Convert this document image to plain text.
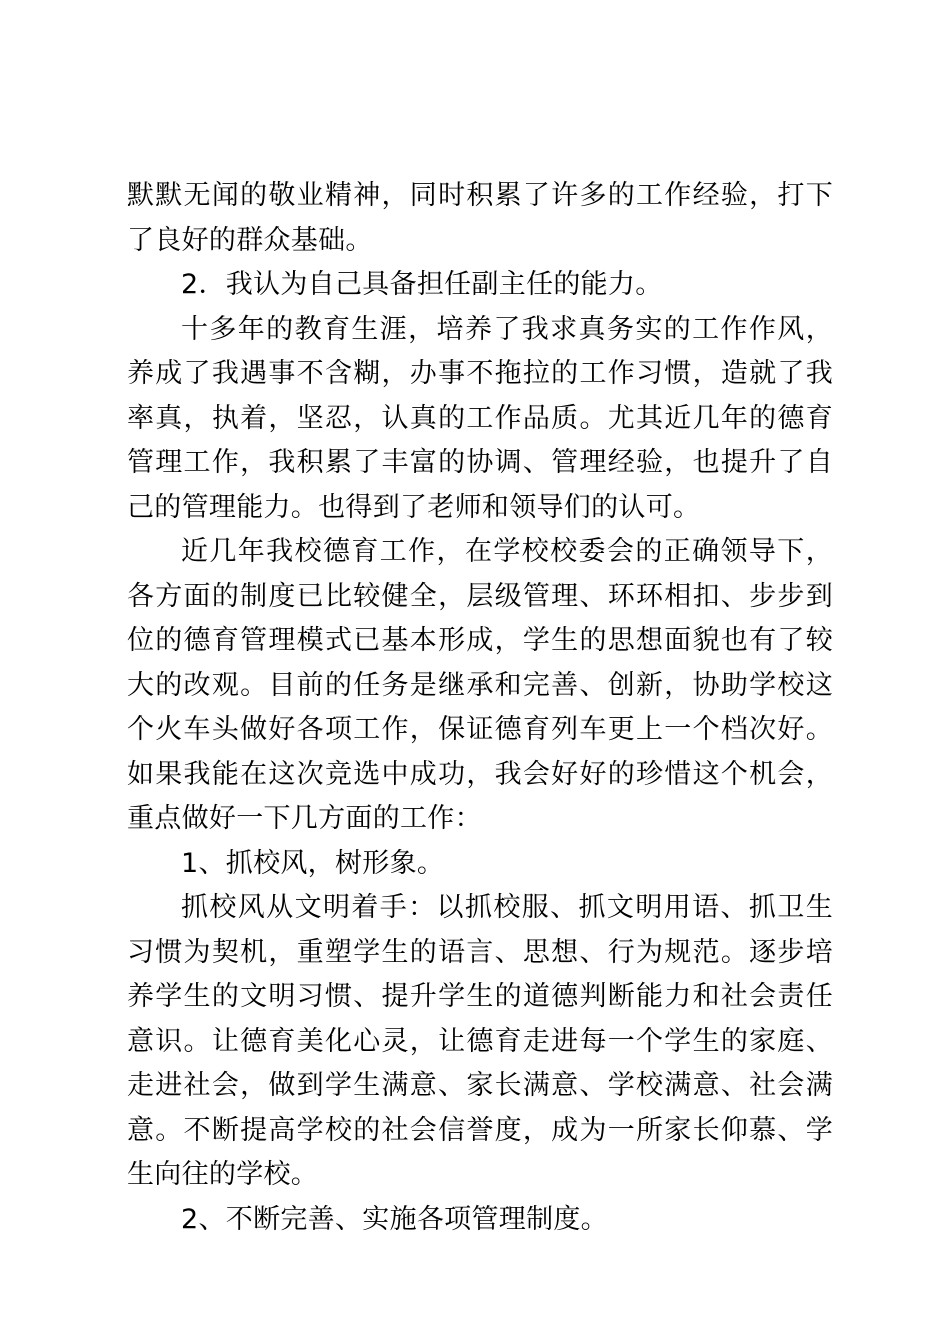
默默无闻的敬业精神，同时积累了许多的工作经验，打下了良好的群众基础。

2．我认为自己具备担任副主任的能力。

十多年的教育生涯，培养了我求真务实的工作作风，养成了我遇事不含糊，办事不拖拉的工作习惯，造就了我率真，执着，坚忍，认真的工作品质。尤其近几年的德育管理工作，我积累了丰富的协调、管理经验，也提升了自己的管理能力。也得到了老师和领导们的认可。

近几年我校德育工作，在学校校委会的正确领导下，各方面的制度已比较健全，层级管理、环环相扣、步步到位的德育管理模式已基本形成，学生的思想面貌也有了较大的改观。目前的任务是继承和完善、创新，协助学校这个火车头做好各项工作，保证德育列车更上一个档次好。如果我能在这次竞选中成功，我会好好的珍惜这个机会，重点做好一下几方面的工作：

1、抓校风，树形象。

抓校风从文明着手：以抓校服、抓文明用语、抓卫生习惯为契机，重塑学生的语言、思想、行为规范。逐步培养学生的文明习惯、提升学生的道德判断能力和社会责任意识。让德育美化心灵，让德育走进每一个学生的家庭、走进社会，做到学生满意、家长满意、学校满意、社会满意。不断提高学校的社会信誉度，成为一所家长仰慕、学生向往的学校。

2、不断完善、实施各项管理制度。
